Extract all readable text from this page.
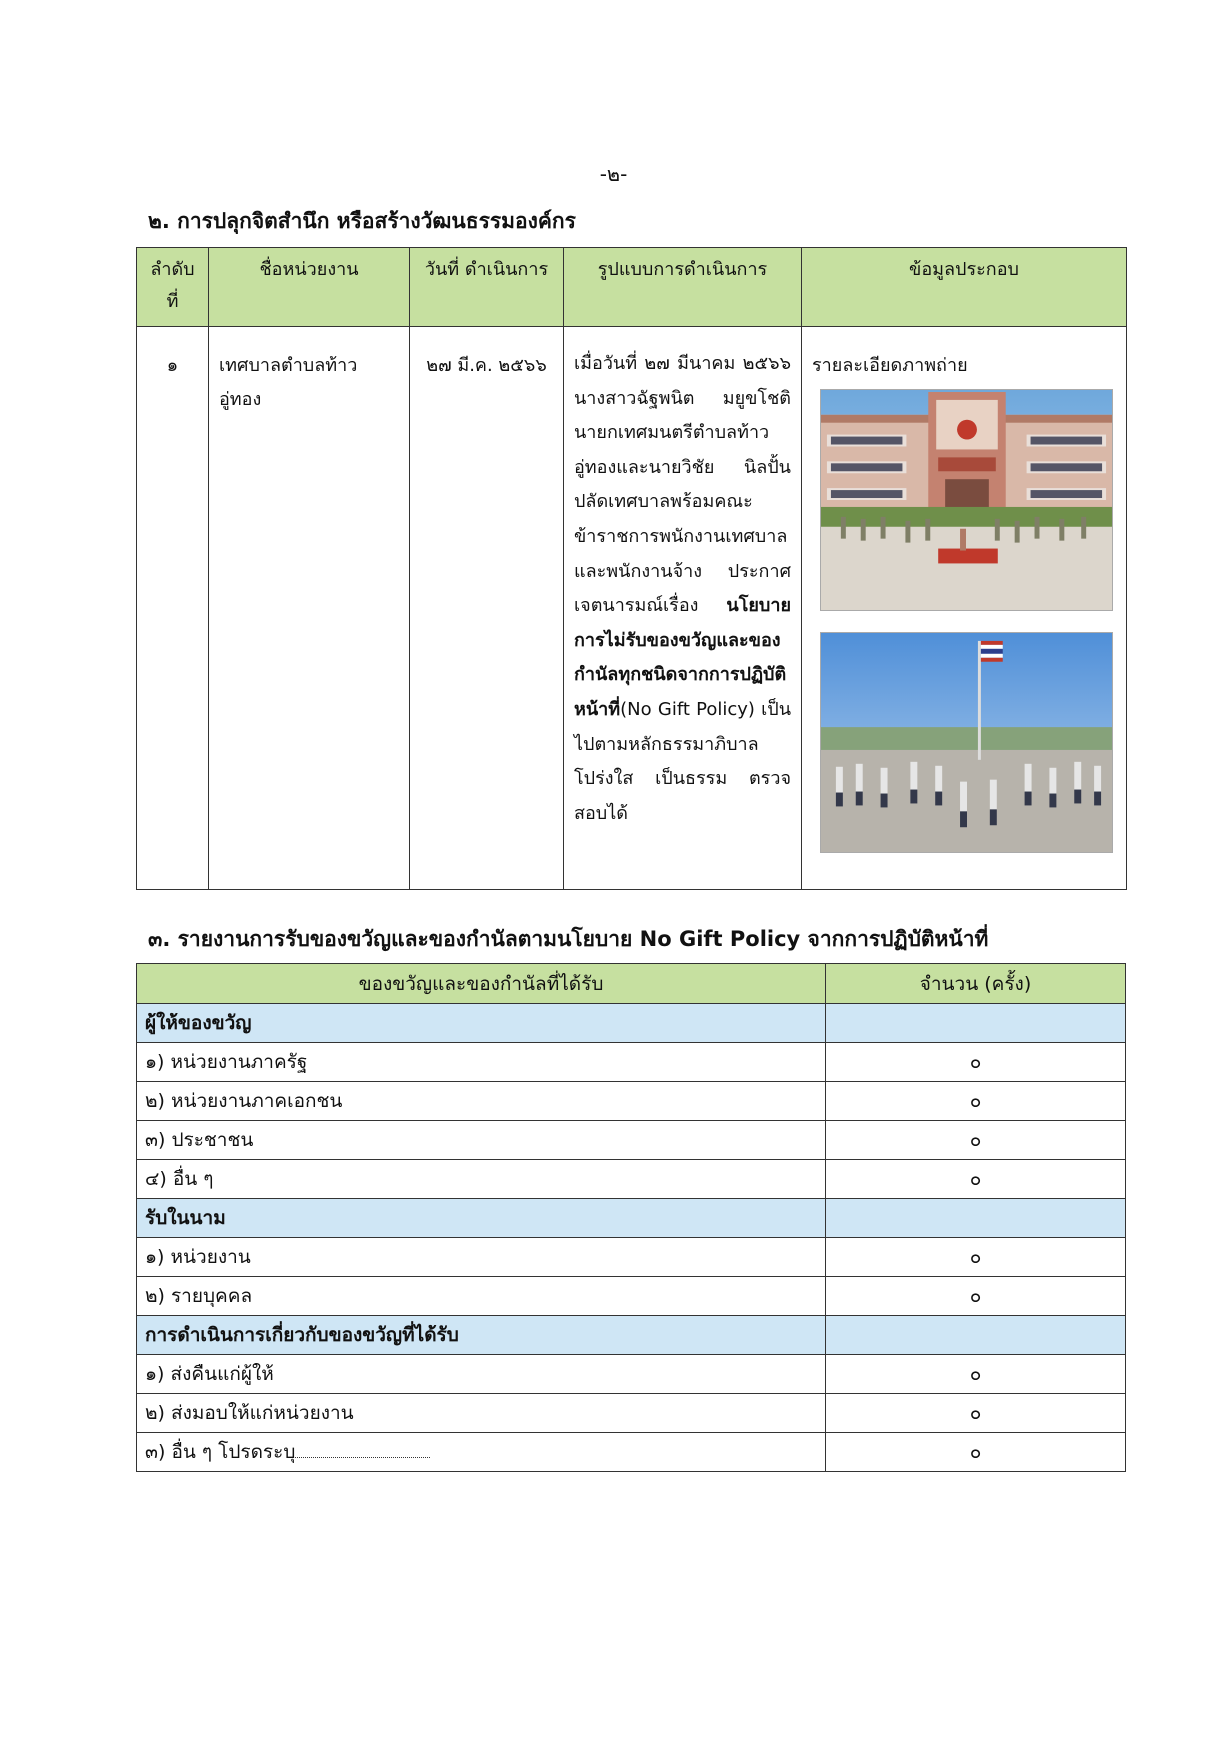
-๒-
๒. การปลุกจิตสำนึก หรือสร้างวัฒนธรรมองค์กร
ลำดับ ที่	ชื่อหน่วยงาน	วันที่ ดำเนินการ	รูปแบบการดำเนินการ	ข้อมูลประกอบ

๑	เทศบาลตำบลท้าวอู่ทอง	๒๗ มี.ค. ๒๕๖๖	เมื่อวันที่ ๒๗ มีนาคม ๒๕๖๖ นางสาวฉัฐพนิต มยูขโชติ นายกเทศมนตรีตำบลท้าวอู่ทองและนายวิชัย นิลปั้น ปลัดเทศบาลพร้อมคณะข้าราชการพนักงานเทศบาลและพนักงานจ้าง ประกาศเจตนารมณ์เรื่อง นโยบายการไม่รับของขวัญและของกำนัลทุกชนิดจากการปฏิบัติหน้าที่(No Gift Policy) เป็นไปตามหลักธรรมาภิบาล โปร่งใส เป็นธรรม ตรวจสอบได้	รายละเอียดภาพถ่าย
๓. รายงานการรับของขวัญและของกำนัลตามนโยบาย No Gift Policy จากการปฏิบัติหน้าที่
ของขวัญและของกำนัลที่ได้รับ	จำนวน (ครั้ง)
ผู้ให้ของขวัญ	
๑) หน่วยงานภาครัฐ	๐
๒) หน่วยงานภาคเอกชน	๐
๓) ประชาชน	๐
๔) อื่น ๆ	๐
รับในนาม	
๑) หน่วยงาน	๐
๒) รายบุคคล	๐
การดำเนินการเกี่ยวกับของขวัญที่ได้รับ	
๑) ส่งคืนแก่ผู้ให้	๐
๒) ส่งมอบให้แก่หน่วยงาน	๐
๓) อื่น ๆ โปรดระบุ	๐
